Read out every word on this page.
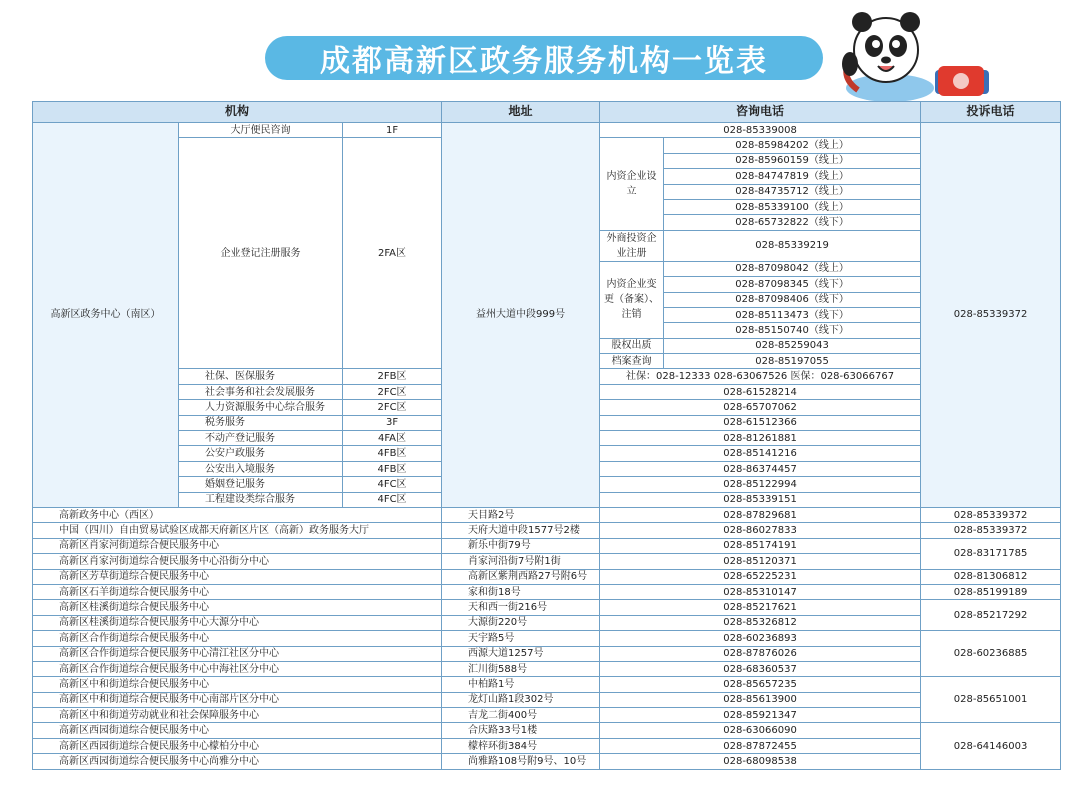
成都高新区政务服务机构一览表
机构			地址	咨询电话		投诉电话
高新区政务中心（南区）	大厅便民咨询	1F	益州大道中段999号	028-85339008		028-85339372
	企业登记注册服务	2FA区		内资企业设立	028-85984202（线上）	
					028-85960159（线上）	
					028-84747819（线上）	
					028-84735712（线上）	
					028-85339100（线上）	
					028-65732822（线下）	
				外商投资企业注册	028-85339219	

				内资企业变更（备案）、注销	028-87098042（线上）	
					028-87098345（线下）	
					028-87098406（线下）	
					028-85113473（线下）	
					028-85150740（线下）	
				股权出质	028-85259043	
				档案查询	028-85197055	
	社保、医保服务	2FB区		社保：028-12333 028-63067526 医保：028-63066767		
	社会事务和社会发展服务	2FC区		028-61528214		
	人力资源服务中心综合服务	2FC区		028-65707062		
	税务服务	3F		028-61512366		
	不动产登记服务	4FA区		028-81261881		
	公安户政服务	4FB区		028-85141216		
	公安出入境服务	4FB区		028-86374457		
	婚姻登记服务	4FC区		028-85122994		
	工程建设类综合服务	4FC区		028-85339151		
高新政务中心（西区）			天目路2号	028-87829681		028-85339372
中国（四川）自由贸易试验区成都天府新区片区（高新）政务服务大厅			天府大道中段1577号2楼	028-86027833		028-85339372
高新区肖家河街道综合便民服务中心			新乐中街79号	028-85174191		028-83171785
高新区肖家河街道综合便民服务中心沿街分中心			肖家河沿街7号附1街	028-85120371		
高新区芳草街道综合便民服务中心			高新区紫荆西路27号附6号	028-65225231		028-81306812
高新区石羊街道综合便民服务中心			家和街18号	028-85310147		028-85199189
高新区桂溪街道综合便民服务中心			天和西一街216号	028-85217621		028-85217292
高新区桂溪街道综合便民服务中心大源分中心			大源街220号	028-85326812		
高新区合作街道综合便民服务中心			天宇路5号	028-60236893		028-60236885
高新区合作街道综合便民服务中心清江社区分中心			西源大道1257号	028-87876026		
高新区合作街道综合便民服务中心中海社区分中心			汇川街588号	028-68360537		
高新区中和街道综合便民服务中心			中柏路1号	028-85657235		028-85651001
高新区中和街道综合便民服务中心南部片区分中心			龙灯山路1段302号	028-85613900		
高新区中和街道劳动就业和社会保障服务中心			吉龙二街400号	028-85921347		
高新区西园街道综合便民服务中心			合庆路33号1楼	028-63066090		028-64146003
高新区西园街道综合便民服务中心檬柏分中心			檬梓环街384号	028-87872455		
高新区西园街道综合便民服务中心尚雅分中心			尚雅路108号附9号、10号	028-68098538		
